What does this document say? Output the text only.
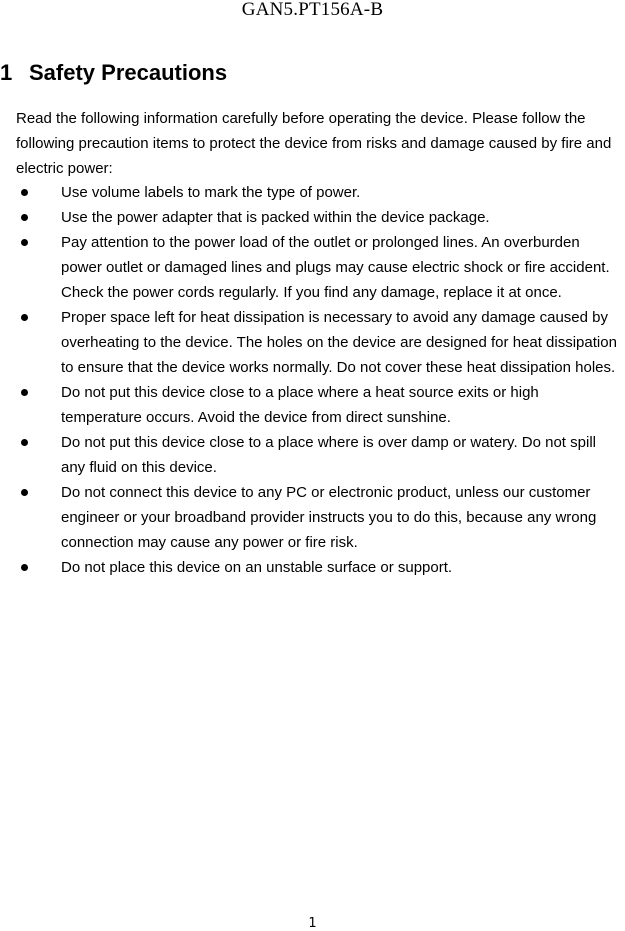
GAN5.PT156A-B
1 Safety Precautions

Read the following information carefully before operating the device. Please follow the following precaution items to protect the device from risks and damage caused by fire and electric power:

Use volume labels to mark the type of power.
Use the power adapter that is packed within the device package.
Pay attention to the power load of the outlet or prolonged lines. An overburden power outlet or damaged lines and plugs may cause electric shock or fire accident. Check the power cords regularly. If you find any damage, replace it at once.
Proper space left for heat dissipation is necessary to avoid any damage caused by overheating to the device. The holes on the device are designed for heat dissipation to ensure that the device works normally. Do not cover these heat dissipation holes.
Do not put this device close to a place where a heat source exits or high temperature occurs. Avoid the device from direct sunshine.
Do not put this device close to a place where is over damp or watery. Do not spill any fluid on this device.
Do not connect this device to any PC or electronic product, unless our customer engineer or your broadband provider instructs you to do this, because any wrong connection may cause any power or fire risk.
Do not place this device on an unstable surface or support.
1
